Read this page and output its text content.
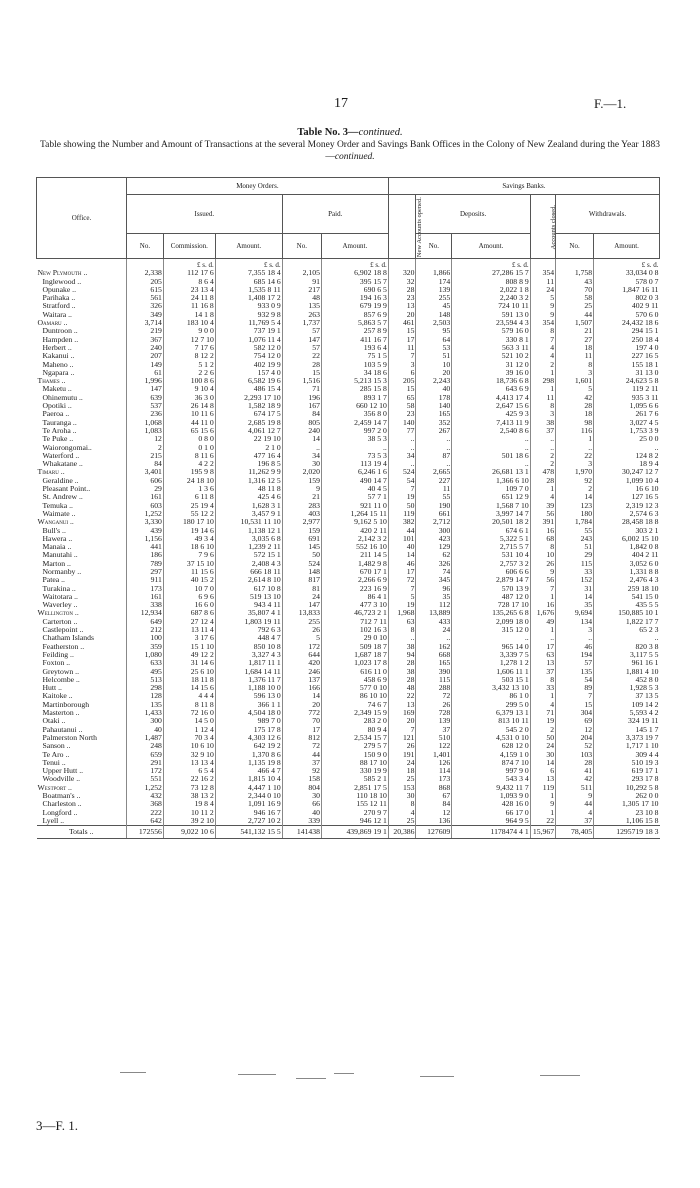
17	F.—1.
Table No. 3—continued.
Table showing the Number and Amount of Transactions at the several Money Order and Savings Bank Offices in the Colony of New Zealand during the Year 1883—continued.
Office.	Money Orders.					Savings Banks.					
	Issued.			Paid.		New Accounts opened.	Deposits.		Accounts closed.	Withdrawals.	
	No.	Commission.	Amount.	No.	Amount.		No.	Amount.		No.	Amount.
		£ s. d.	£ s. d.		£ s. d.			£ s. d.			£ s. d.
New Plymouth ..	2,338	112 17 6	7,355 18 4	2,105	6,902 18 8	320	1,866	27,286 15 7	354	1,758	33,034 0 8
Inglewood ..	205	8 6 4	685 14 6	91	395 15 7	32	174	808 8 9	11	43	578 0 7
Opunake ..	615	23 13 4	1,535 8 11	217	690 6 5	28	139	2,022 1 8	24	70	1,847 16 11
Parihaka ..	561	24 11 8	1,408 17 2	48	194 16 3	23	255	2,240 3 2	5	58	802 0 3
Stratford ..	326	11 16 8	933 0 9	135	679 19 9	13	45	724 10 11	9	25	402 9 11
Waitara ..	349	14 1 8	932 9 8	263	857 6 9	20	148	591 13 0	9	44	570 6 0
Oamaru ..	3,714	183 10 4	11,769 5 4	1,737	5,863 5 7	461	2,503	23,594 4 3	354	1,507	24,432 18 6
Duntroon ..	219	9 0 0	737 19 1	57	257 8 9	15	95	579 16 0	8	21	294 15 1
Hampden ..	367	12 7 10	1,076 11 4	147	411 16 7	17	64	330 8 1	7	27	250 18 4
Herbert ..	240	7 17 6	582 12 0	57	193 6 4	11	53	563 3 11	4	18	197 4 0
Kakanui ..	207	8 12 2	754 12 0	22	75 1 5	7	51	521 10 2	4	11	227 16 5
Maheno ..	149	5 1 2	402 19 9	28	103 5 9	3	10	31 12 0	2	8	155 18 1
Ngapara ..	61	2 2 6	157 4 0	15	34 18 6	6	20	39 16 0	1	3	31 13 0
Thames ..	1,996	100 8 6	6,582 19 6	1,516	5,213 15 3	205	2,243	18,736 6 8	298	1,601	24,623 5 8
Maketu ..	147	9 10 4	486 15 4	71	285 15 8	15	40	643 6 9	1	5	119 2 11
Ohinemutu ..	639	36 3 0	2,293 17 10	196	893 1 7	65	178	4,413 17 4	11	42	935 3 11
Opotiki ..	537	26 14 8	1,582 18 9	167	660 12 10	58	140	2,647 15 6	8	28	1,095 6 6
Paeroa ..	236	10 11 6	674 17 5	84	356 8 0	23	165	425 9 3	3	18	261 7 6
Tauranga ..	1,068	44 11 0	2,685 19 8	805	2,459 14 7	140	352	7,413 11 9	38	98	3,027 4 5
Te Aroha ..	1,083	65 15 6	4,061 12 7	240	997 2 0	77	267	2,540 8 6	37	116	1,753 3 9
Te Puke ..	12	0 8 0	22 19 10	14	38 5 3	..	..	..	..	1	25 0 0
Waiorongomai..	2	0 1 0	2 1 0	..	..	..	..	..	..	..	..
Waterford ..	215	8 11 6	477 16 4	34	73 5 3	34	87	501 18 6	2	22	124 8 2
Whakatane ..	84	4 2 2	196 8 5	30	113 19 4	..	..	..	2	3	18 9 4
Timaru ..	3,401	195 9 8	11,262 9 9	2,020	6,246 1 6	524	2,665	26,681 13 1	478	1,970	30,247 12 7
Geraldine ..	606	24 18 10	1,316 12 5	159	490 14 7	54	227	1,366 6 10	28	92	1,099 10 4
Pleasant Point..	29	1 3 6	48 11 8	9	40 4 5	7	11	109 7 0	1	2	16 6 10
St. Andrew ..	161	6 11 8	425 4 6	21	57 7 1	19	55	651 12 9	4	14	127 16 5
Temuka ..	603	25 19 4	1,628 3 1	283	921 11 0	50	190	1,568 7 10	39	123	2,319 12 3
Waimate ..	1,252	55 12 2	3,457 9 1	403	1,264 15 11	119	661	3,997 14 7	56	180	2,574 6 3
Wanganui ..	3,330	180 17 10	10,531 11 10	2,977	9,162 5 10	382	2,712	20,501 18 2	391	1,784	28,458 18 8
Bull's ..	439	19 14 6	1,138 12 1	159	420 2 11	44	300	674 6 1	16	55	303 2 1
Hawera ..	1,156	49 3 4	3,035 6 8	691	2,142 3 2	101	423	5,322 5 1	68	243	6,002 15 10
Manaia ..	441	18 6 10	1,239 2 11	145	552 16 10	40	129	2,715 5 7	8	51	1,842 0 8
Manutahi ..	186	7 9 6	572 15 1	50	211 14 5	14	62	531 10 4	10	29	404 2 11
Marton ..	789	37 15 10	2,408 4 3	524	1,482 9 8	46	326	2,757 3 2	26	115	3,052 6 0
Normanby ..	297	11 15 6	666 18 11	148	670 17 1	17	74	606 6 6	9	33	1,331 8 8
Patea ..	911	40 15 2	2,614 8 10	817	2,266 6 9	72	345	2,879 14 7	56	152	2,476 4 3
Turakina ..	173	10 7 0	617 10 8	81	223 16 9	7	96	570 13 9	7	31	259 18 10
Waitotara ..	161	6 9 6	519 13 10	24	86 4 1	5	35	487 12 0	1	14	541 15 0
Waverley ..	338	16 6 0	943 4 11	147	477 3 10	19	112	728 17 10	16	35	435 5 5
Wellington ..	12,934	687 8 6	35,807 4 1	13,833	46,723 2 1	1,968	13,889	135,265 6 8	1,676	9,694	150,885 10 1
Carterton ..	649	27 12 4	1,803 19 11	255	712 7 11	63	433	2,099 18 0	49	134	1,822 17 7
Castlepoint ..	212	13 11 4	792 6 3	26	102 16 3	8	24	315 12 0	1	3	65 2 3
Chatham Islands	100	3 17 6	448 4 7	5	29 0 10	..	..	..	..	..	..
Featherston ..	359	15 1 10	850 10 8	172	509 18 7	38	162	965 14 0	17	46	820 3 8
Feilding ..	1,080	49 12 2	3,327 4 3	644	1,687 18 7	94	668	3,339 7 5	63	194	3,117 5 5
Foxton ..	633	31 14 6	1,817 11 1	420	1,023 17 8	28	165	1,278 1 2	13	57	961 16 1
Greytown ..	495	25 6 10	1,684 14 11	246	616 11 0	38	390	1,606 11 1	37	135	1,881 4 10
Helcombe ..	513	18 11 8	1,376 11 7	137	458 6 9	28	115	503 15 1	8	54	452 8 0
Hutt ..	298	14 15 6	1,188 10 0	166	577 0 10	48	288	3,432 13 10	33	89	1,928 5 3
Kaitoke ..	128	4 4 4	596 13 0	14	86 10 10	22	72	86 1 0	1	7	37 13 5
Martinborough	135	8 11 8	366 1 1	20	74 6 7	13	26	299 5 0	4	15	109 14 2
Masterton ..	1,433	72 16 0	4,504 18 0	772	2,349 15 9	169	728	6,379 13 1	71	304	5,593 4 2
Otaki ..	300	14 5 0	989 7 0	70	283 2 0	20	139	813 10 11	19	69	324 19 11
Pahautanui ..	40	1 12 4	175 17 8	17	80 9 4	7	37	545 2 0	2	12	145 1 7
Palmerston North	1,487	70 3 4	4,303 12 6	812	2,534 15 7	121	510	4,531 0 10	50	204	3,373 19 7
Sanson ..	248	10 6 10	642 19 2	72	279 5 7	26	122	628 12 0	24	52	1,717 1 10
Te Aro ..	659	32 9 10	1,370 8 6	44	150 9 0	191	1,401	4,159 1 0	30	103	309 4 4
Tenui ..	291	13 13 4	1,135 19 8	37	88 17 10	24	126	874 7 10	14	28	510 19 3
Upper Hutt ..	172	6 5 4	466 4 7	92	330 19 9	18	114	997 9 0	6	41	619 17 1
Woodville ..	551	22 16 2	1,815 10 4	158	585 2 1	25	173	543 3 4	13	42	293 17 8
Westport ..	1,252	73 12 8	4,447 1 10	804	2,851 17 5	153	868	9,432 11 7	119	511	10,292 5 8
Boatman's ..	432	38 13 2	2,344 0 10	30	110 18 10	30	67	1,093 9 0	1	9	262 0 0
Charleston ..	368	19 8 4	1,091 16 9	66	155 12 11	8	84	428 16 0	9	44	1,305 17 10
Longford ..	222	10 11 2	946 16 7	40	270 9 7	4	12	66 17 0	1	4	23 10 8
Lyell ..	642	39 2 10	2,727 10 2	339	946 12 1	25	136	964 9 5	22	37	1,106 15 8
Totals ..	172556	9,022 10 6	541,132 15 5	141438	439,869 19 1	20,386	127609	1178474 4 1	15,967	78,405	1295719 18 3
3—F. 1.
